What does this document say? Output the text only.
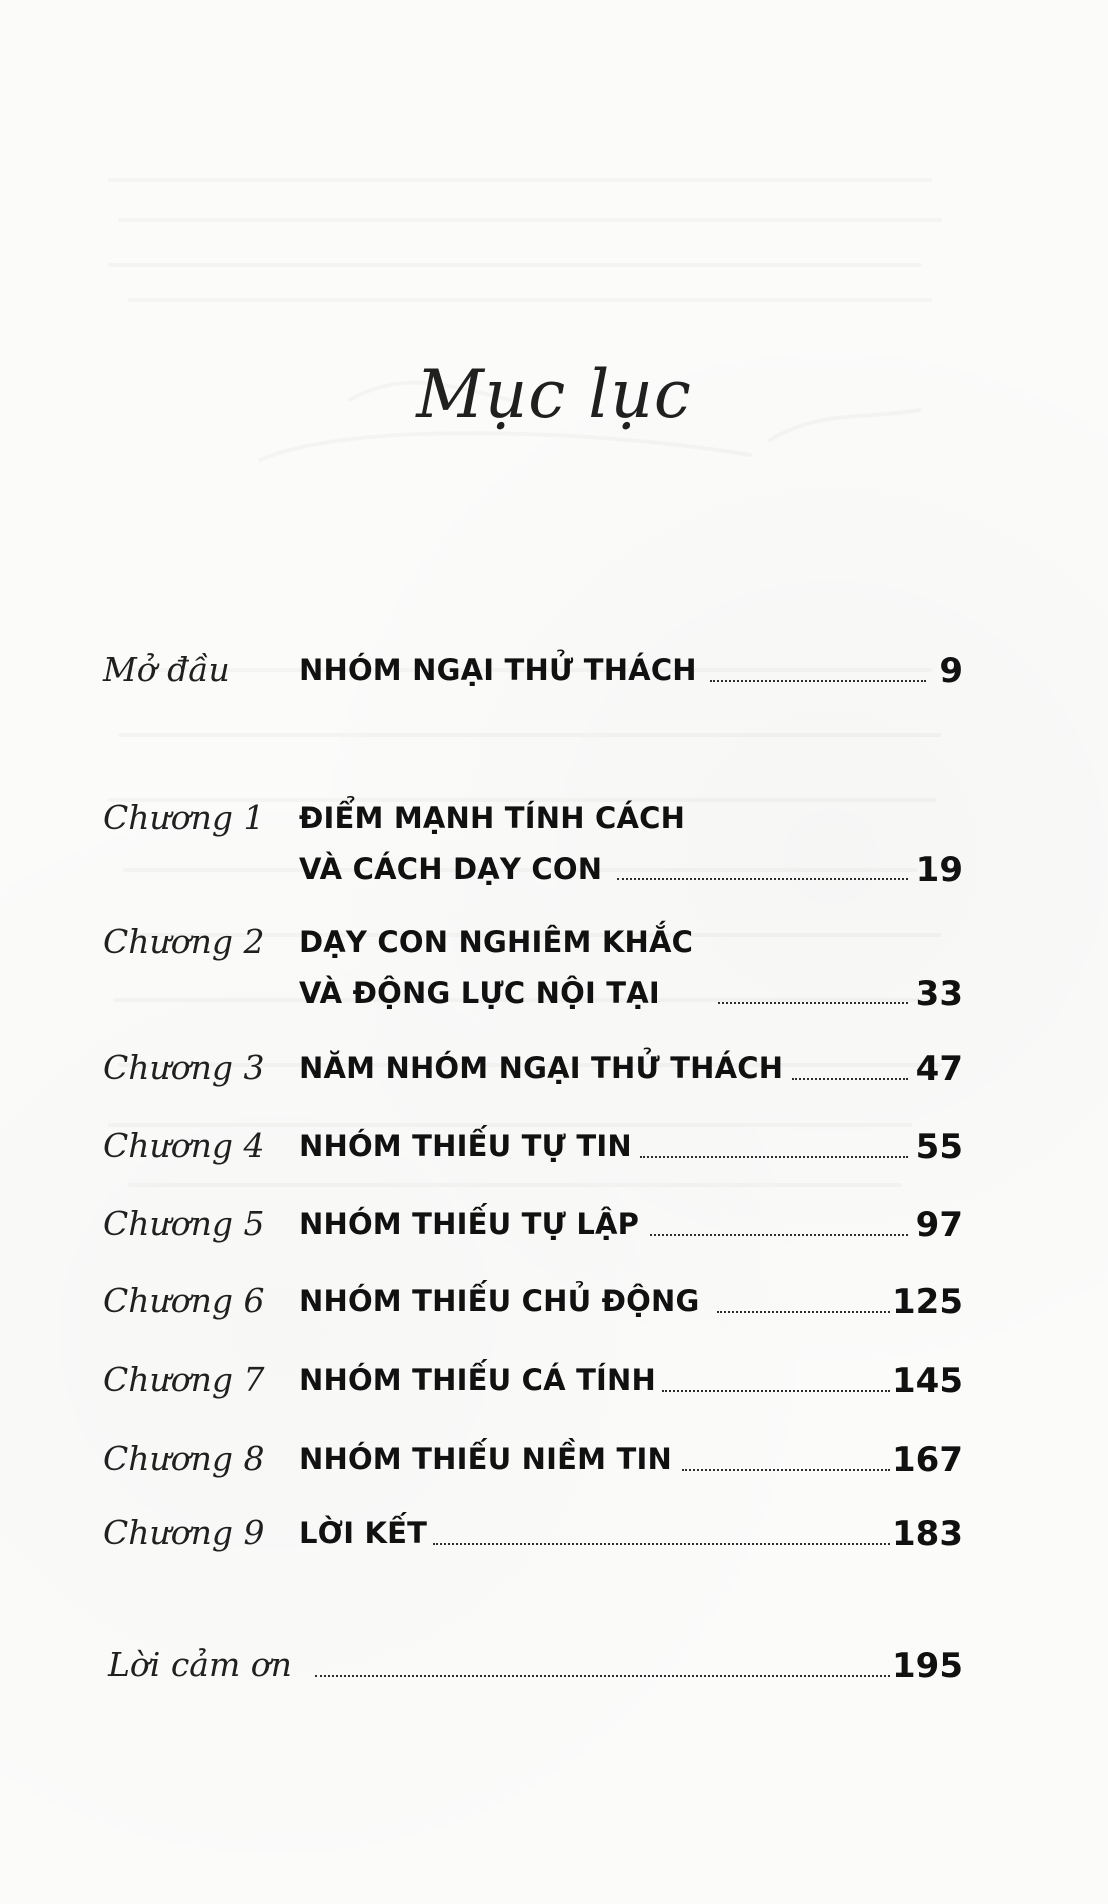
Mục lục
Mở đầu NHÓM NGẠI THỬ THÁCH	9
Chương 1 ĐIỂM MẠNH TÍNH CÁCH
VÀ CÁCH DẠY CON	19
Chương 2 DẠY CON NGHIÊM KHẮC
VÀ ĐỘNG LỰC NỘI TẠI	33
Chương 3 NĂM NHÓM NGẠI THỬ THÁCH	47
Chương 4 NHÓM THIẾU TỰ TIN	55
Chương 5 NHÓM THIẾU TỰ LẬP	97
Chương 6 NHÓM THIẾU CHỦ ĐỘNG	125
Chương 7 NHÓM THIẾU CÁ TÍNH	145
Chương 8 NHÓM THIẾU NIỀM TIN	167
Chương 9 LỜI KẾT	183
Lời cảm ơn	195
